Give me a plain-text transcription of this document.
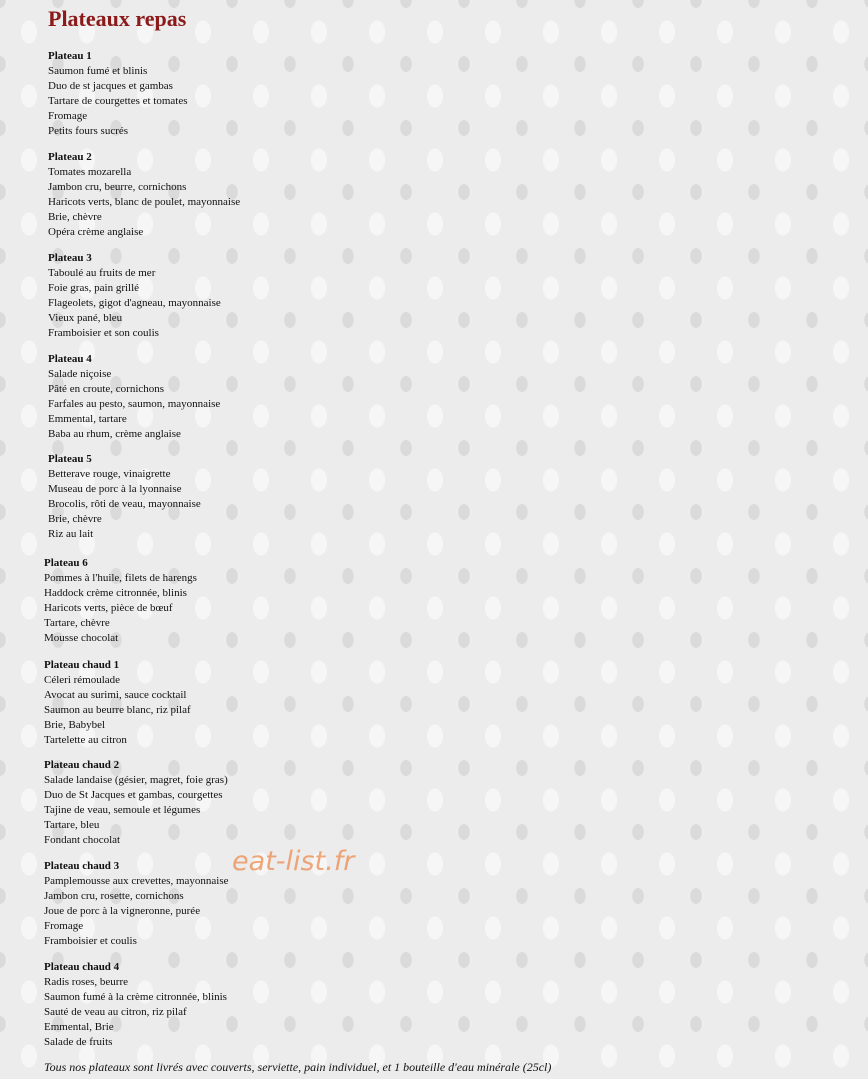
Plateaux repas
Plateau 1
Saumon fumé et blinis
Duo de st jacques et gambas
Tartare de courgettes et tomates
Fromage
Petits fours sucrés
Plateau 2
Tomates mozarella
Jambon cru, beurre, cornichons
Haricots verts, blanc de poulet, mayonnaise
Brie, chèvre
Opéra crème anglaise
Plateau 3
Taboulé au fruits de mer
Foie gras, pain grillé
Flageolets, gigot d'agneau, mayonnaise
Vieux pané, bleu
Framboisier et son coulis
Plateau 4
Salade niçoise
Pâté en croute, cornichons
Farfales au pesto, saumon, mayonnaise
Emmental, tartare
Baba au rhum, crème anglaise
Plateau 5
Betterave rouge, vinaigrette
Museau de porc à la lyonnaise
Brocolis, rôti de veau, mayonnaise
Brie, chèvre
Riz au lait
Plateau 6
Pommes à l'huile, filets de harengs
Haddock crème citronnée, blinis
Haricots verts, pièce de bœuf
Tartare, chèvre
Mousse chocolat
Plateau chaud 1
Céleri rémoulade
Avocat au surimi, sauce cocktail
Saumon au beurre blanc, riz pilaf
Brie, Babybel
Tartelette au citron
Plateau chaud 2
Salade landaise (gésier, magret, foie gras)
Duo de St Jacques et gambas, courgettes
Tajine de veau, semoule et légumes
Tartare, bleu
Fondant chocolat
Plateau chaud 3
Pamplemousse aux crevettes, mayonnaise
Jambon cru, rosette, cornichons
Joue de porc à la vigneronne, purée
Fromage
Framboisier et coulis
Plateau chaud 4
Radis roses, beurre
Saumon fumé à la crème citronnée, blinis
Sauté de veau au citron, riz pilaf
Emmental, Brie
Salade de fruits
Tous nos plateaux sont livrés avec couverts, serviette, pain individuel, et 1 bouteille d'eau minérale (25cl)
eat-list.fr
